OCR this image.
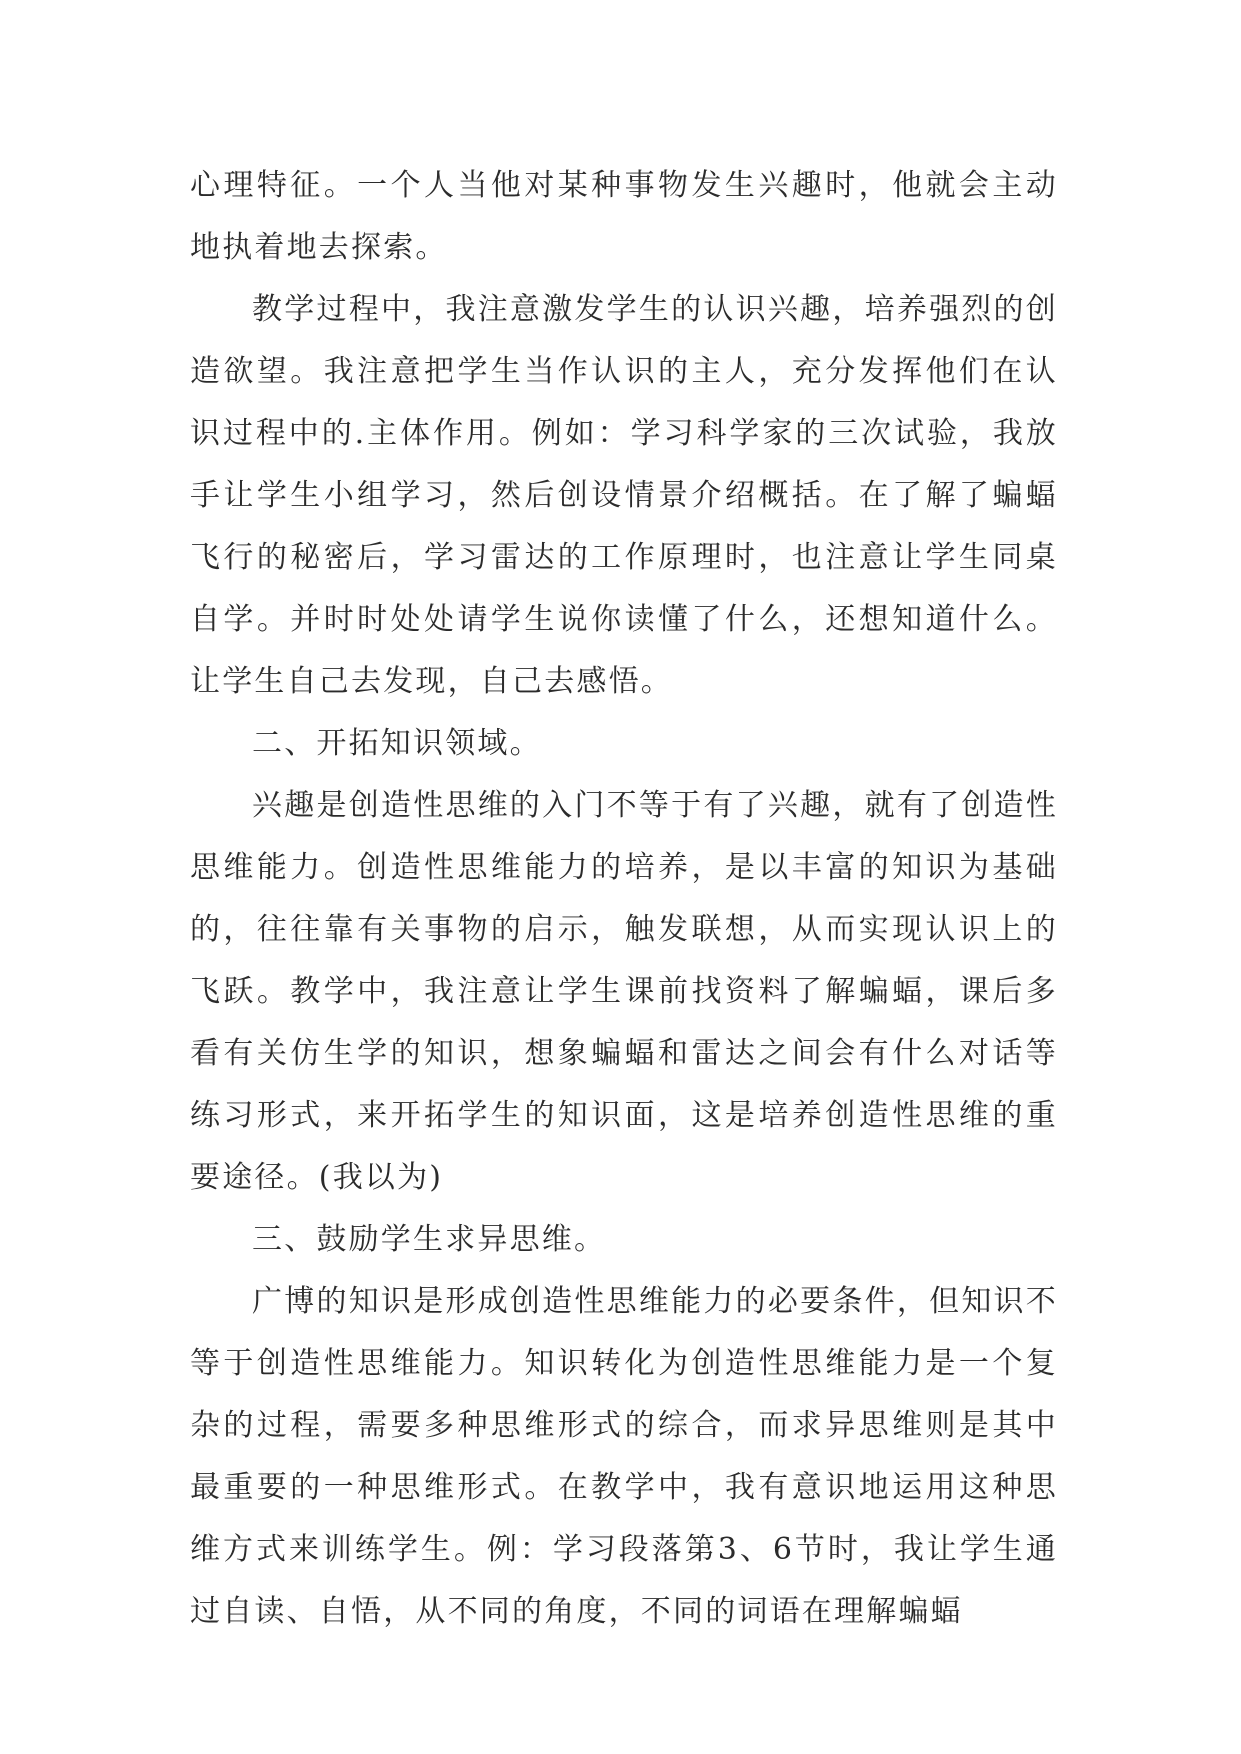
心理特征。一个人当他对某种事物发生兴趣时，他就会主动地执着地去探索。

教学过程中，我注意激发学生的认识兴趣，培养强烈的创造欲望。我注意把学生当作认识的主人，充分发挥他们在认识过程中的.主体作用。例如：学习科学家的三次试验，我放手让学生小组学习，然后创设情景介绍概括。在了解了蝙蝠飞行的秘密后，学习雷达的工作原理时，也注意让学生同桌自学。并时时处处请学生说你读懂了什么，还想知道什么。让学生自己去发现，自己去感悟。

二、开拓知识领域。

兴趣是创造性思维的入门不等于有了兴趣，就有了创造性思维能力。创造性思维能力的培养，是以丰富的知识为基础的，往往靠有关事物的启示，触发联想，从而实现认识上的飞跃。教学中，我注意让学生课前找资料了解蝙蝠，课后多看有关仿生学的知识，想象蝙蝠和雷达之间会有什么对话等练习形式，来开拓学生的知识面，这是培养创造性思维的重要途径。(我以为)

三、鼓励学生求异思维。

广博的知识是形成创造性思维能力的必要条件，但知识不等于创造性思维能力。知识转化为创造性思维能力是一个复杂的过程，需要多种思维形式的综合，而求异思维则是其中最重要的一种思维形式。在教学中，我有意识地运用这种思维方式来训练学生。例：学习段落第3、6节时，我让学生通过自读、自悟，从不同的角度，不同的词语在理解蝙蝠
